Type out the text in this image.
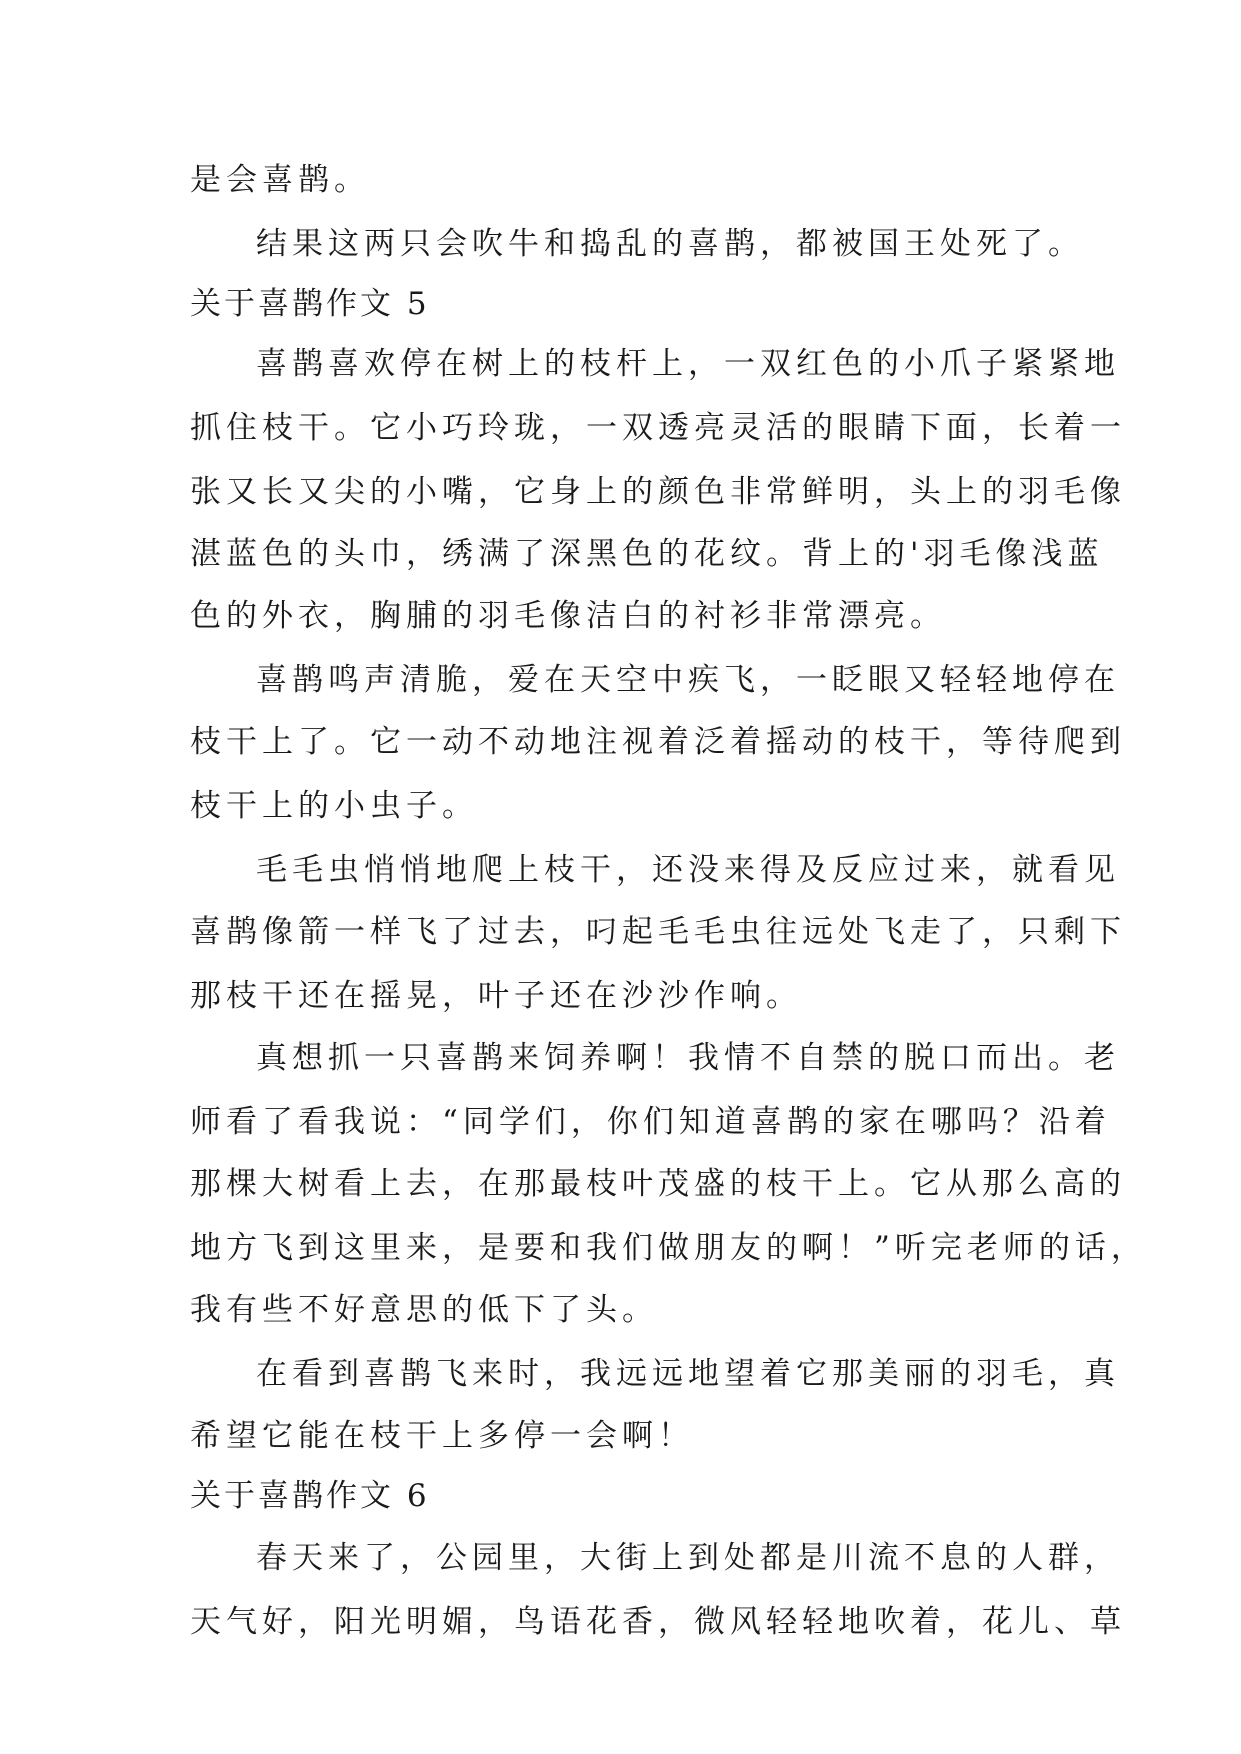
是会喜鹊。
结果这两只会吹牛和捣乱的喜鹊，都被国王处死了。
关于喜鹊作文 5
喜鹊喜欢停在树上的枝杆上，一双红色的小爪子紧紧地
抓住枝干。它小巧玲珑，一双透亮灵活的眼睛下面，长着一
张又长又尖的小嘴，它身上的颜色非常鲜明，头上的羽毛像
湛蓝色的头巾，绣满了深黑色的花纹。背上的'羽毛像浅蓝
色的外衣，胸脯的羽毛像洁白的衬衫非常漂亮。
喜鹊鸣声清脆，爱在天空中疾飞，一眨眼又轻轻地停在
枝干上了。它一动不动地注视着泛着摇动的枝干，等待爬到
枝干上的小虫子。
毛毛虫悄悄地爬上枝干，还没来得及反应过来，就看见
喜鹊像箭一样飞了过去，叼起毛毛虫往远处飞走了，只剩下
那枝干还在摇晃，叶子还在沙沙作响。
真想抓一只喜鹊来饲养啊！我情不自禁的脱口而出。老
师看了看我说：“同学们，你们知道喜鹊的家在哪吗？沿着
那棵大树看上去，在那最枝叶茂盛的枝干上。它从那么高的
地方飞到这里来，是要和我们做朋友的啊！”听完老师的话，
我有些不好意思的低下了头。
在看到喜鹊飞来时，我远远地望着它那美丽的羽毛，真
希望它能在枝干上多停一会啊！
关于喜鹊作文 6
春天来了，公园里，大街上到处都是川流不息的人群，
天气好，阳光明媚，鸟语花香，微风轻轻地吹着，花儿、草
